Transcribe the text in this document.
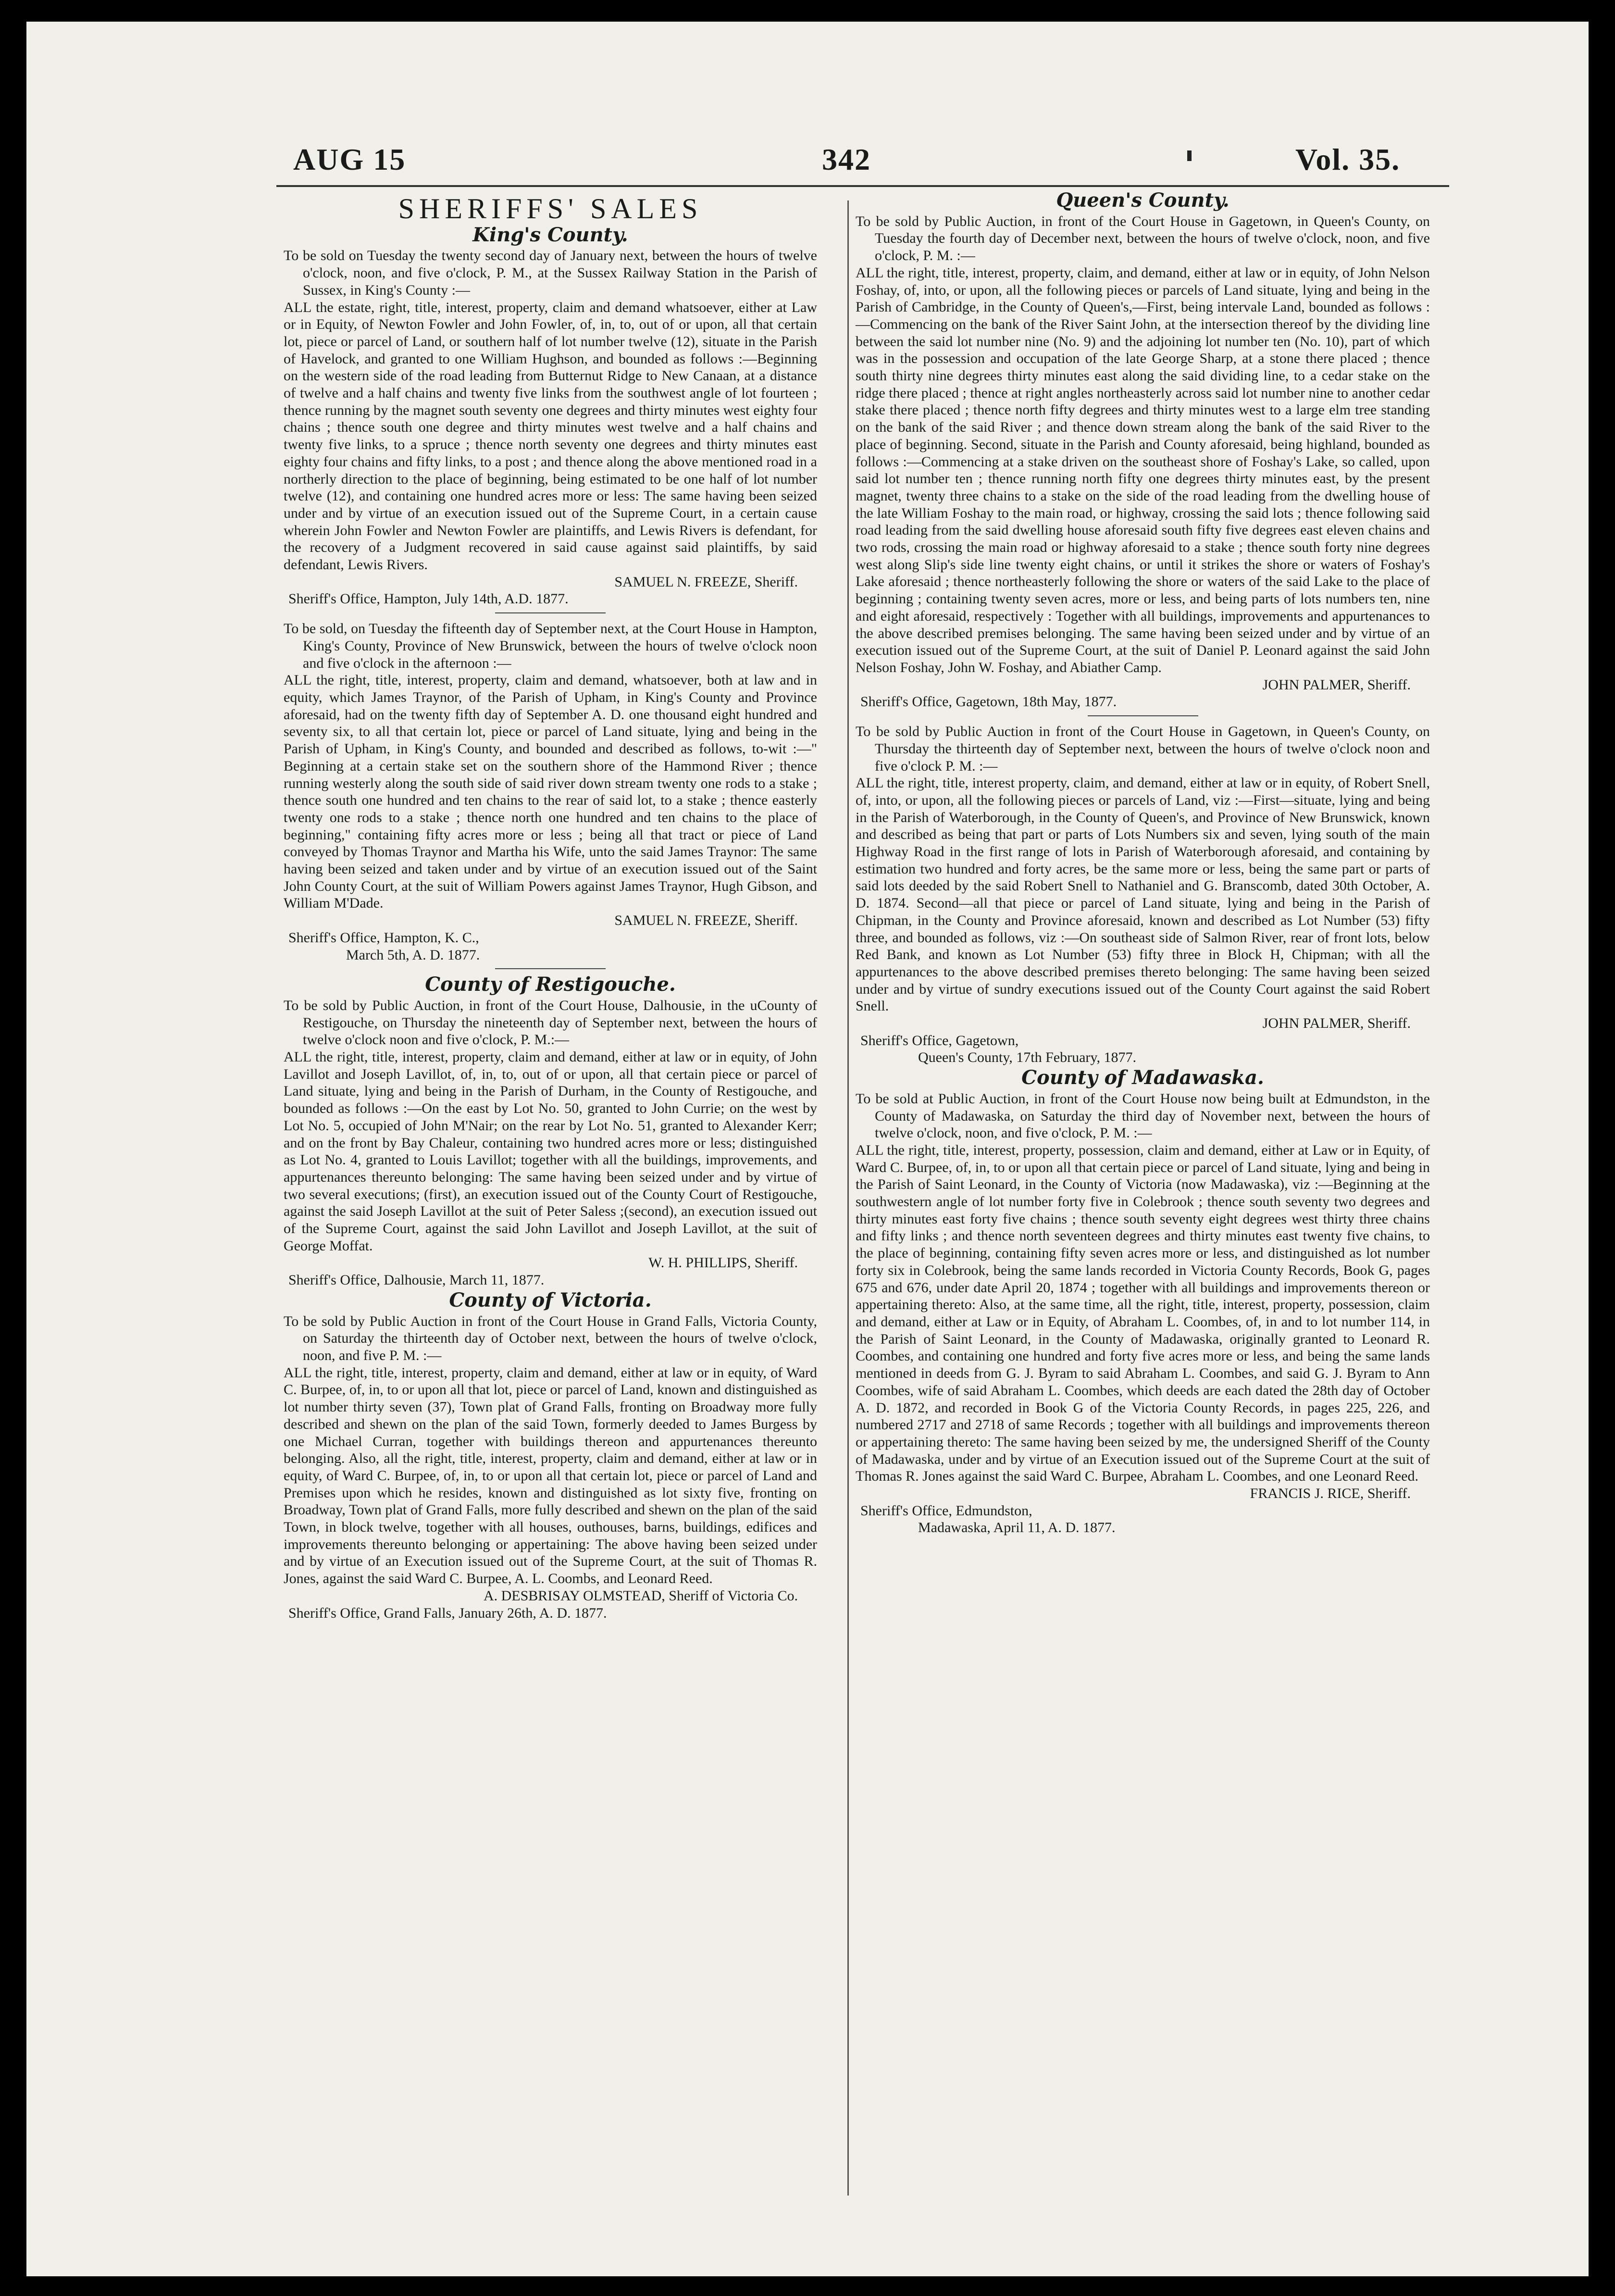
AUG 15	342	Vol. 35.
SHERIFFS' SALES
King's County.

To be sold on Tuesday the twenty second day of January next, between the hours of twelve o'clock, noon, and five o'clock, P. M., at the Sussex Railway Station in the Parish of Sussex, in King's County :—

ALL the estate, right, title, interest, property, claim and demand whatsoever, either at Law or in Equity, of Newton Fowler and John Fowler, of, in, to, out of or upon, all that certain lot, piece or parcel of Land, or southern half of lot number twelve (12), situate in the Parish of Havelock, and granted to one William Hughson, and bounded as follows :—Beginning on the western side of the road leading from Butternut Ridge to New Canaan, at a distance of twelve and a half chains and twenty five links from the southwest angle of lot fourteen ; thence running by the magnet south seventy one degrees and thirty minutes west eighty four chains ; thence south one degree and thirty minutes west twelve and a half chains and twenty five links, to a spruce ; thence north seventy one degrees and thirty minutes east eighty four chains and fifty links, to a post ; and thence along the above mentioned road in a northerly direction to the place of beginning, being estimated to be one half of lot number twelve (12), and containing one hundred acres more or less: The same having been seized under and by virtue of an execution issued out of the Supreme Court, in a certain cause wherein John Fowler and Newton Fowler are plaintiffs, and Lewis Rivers is defendant, for the recovery of a Judgment recovered in said cause against said plaintiffs, by said defendant, Lewis Rivers.

SAMUEL N. FREEZE, Sheriff.

Sheriff's Office, Hampton, July 14th, A.D. 1877.

To be sold, on Tuesday the fifteenth day of September next, at the Court House in Hampton, King's County, Province of New Brunswick, between the hours of twelve o'clock noon and five o'clock in the afternoon :—

ALL the right, title, interest, property, claim and demand, whatsoever, both at law and in equity, which James Traynor, of the Parish of Upham, in King's County and Province aforesaid, had on the twenty fifth day of September A. D. one thousand eight hundred and seventy six, to all that certain lot, piece or parcel of Land situate, lying and being in the Parish of Upham, in King's County, and bounded and described as follows, to-wit :—" Beginning at a certain stake set on the southern shore of the Hammond River ; thence running westerly along the south side of said river down stream twenty one rods to a stake ; thence south one hundred and ten chains to the rear of said lot, to a stake ; thence easterly twenty one rods to a stake ; thence north one hundred and ten chains to the place of beginning," containing fifty acres more or less ; being all that tract or piece of Land conveyed by Thomas Traynor and Martha his Wife, unto the said James Traynor: The same having been seized and taken under and by virtue of an execution issued out of the Saint John County Court, at the suit of William Powers against James Traynor, Hugh Gibson, and William M'Dade.

SAMUEL N. FREEZE, Sheriff.

Sheriff's Office, Hampton, K. C.,

March 5th, A. D. 1877.

County of Restigouche.

To be sold by Public Auction, in front of the Court House, Dalhousie, in the uCounty of Restigouche, on Thursday the nineteenth day of September next, between the hours of twelve o'clock noon and five o'clock, P. M.:—

ALL the right, title, interest, property, claim and demand, either at law or in equity, of John Lavillot and Joseph Lavillot, of, in, to, out of or upon, all that certain piece or parcel of Land situate, lying and being in the Parish of Durham, in the County of Restigouche, and bounded as follows :—On the east by Lot No. 50, granted to John Currie; on the west by Lot No. 5, occupied of John M'Nair; on the rear by Lot No. 51, granted to Alexander Kerr; and on the front by Bay Chaleur, containing two hundred acres more or less; distinguished as Lot No. 4, granted to Louis Lavillot; together with all the buildings, improvements, and appurtenances thereunto belonging: The same having been seized under and by virtue of two several executions; (first), an execution issued out of the County Court of Restigouche, against the said Joseph Lavillot at the suit of Peter Saless ;(second), an execution issued out of the Supreme Court, against the said John Lavillot and Joseph Lavillot, at the suit of George Moffat.

W. H. PHILLIPS, Sheriff.

Sheriff's Office, Dalhousie, March 11, 1877.

County of Victoria.

To be sold by Public Auction in front of the Court House in Grand Falls, Victoria County, on Saturday the thirteenth day of October next, between the hours of twelve o'clock, noon, and five P. M. :—

ALL the right, title, interest, property, claim and demand, either at law or in equity, of Ward C. Burpee, of, in, to or upon all that lot, piece or parcel of Land, known and distinguished as lot number thirty seven (37), Town plat of Grand Falls, fronting on Broadway more fully described and shewn on the plan of the said Town, formerly deeded to James Burgess by one Michael Curran, together with buildings thereon and appurtenances thereunto belonging. Also, all the right, title, interest, property, claim and demand, either at law or in equity, of Ward C. Burpee, of, in, to or upon all that certain lot, piece or parcel of Land and Premises upon which he resides, known and distinguished as lot sixty five, fronting on Broadway, Town plat of Grand Falls, more fully described and shewn on the plan of the said Town, in block twelve, together with all houses, outhouses, barns, buildings, edifices and improvements thereunto belonging or appertaining: The above having been seized under and by virtue of an Execution issued out of the Supreme Court, at the suit of Thomas R. Jones, against the said Ward C. Burpee, A. L. Coombs, and Leonard Reed.

A. DESBRISAY OLMSTEAD, Sheriff of Victoria Co.

Sheriff's Office, Grand Falls, January 26th, A. D. 1877.

Queen's County.

To be sold by Public Auction, in front of the Court House in Gagetown, in Queen's County, on Tuesday the fourth day of December next, between the hours of twelve o'clock, noon, and five o'clock, P. M. :—

ALL the right, title, interest, property, claim, and demand, either at law or in equity, of John Nelson Foshay, of, into, or upon, all the following pieces or parcels of Land situate, lying and being in the Parish of Cambridge, in the County of Queen's,—First, being intervale Land, bounded as follows :—Commencing on the bank of the River Saint John, at the intersection thereof by the dividing line between the said lot number nine (No. 9) and the adjoining lot number ten (No. 10), part of which was in the possession and occupation of the late George Sharp, at a stone there placed ; thence south thirty nine degrees thirty minutes east along the said dividing line, to a cedar stake on the ridge there placed ; thence at right angles northeasterly across said lot number nine to another cedar stake there placed ; thence north fifty degrees and thirty minutes west to a large elm tree standing on the bank of the said River ; and thence down stream along the bank of the said River to the place of beginning. Second, situate in the Parish and County aforesaid, being highland, bounded as follows :—Commencing at a stake driven on the southeast shore of Foshay's Lake, so called, upon said lot number ten ; thence running north fifty one degrees thirty minutes east, by the present magnet, twenty three chains to a stake on the side of the road leading from the dwelling house of the late William Foshay to the main road, or highway, crossing the said lots ; thence following said road leading from the said dwelling house aforesaid south fifty five degrees east eleven chains and two rods, crossing the main road or highway aforesaid to a stake ; thence south forty nine degrees west along Slip's side line twenty eight chains, or until it strikes the shore or waters of Foshay's Lake aforesaid ; thence northeasterly following the shore or waters of the said Lake to the place of beginning ; containing twenty seven acres, more or less, and being parts of lots numbers ten, nine and eight aforesaid, respectively : Together with all buildings, improvements and appurtenances to the above described premises belonging. The same having been seized under and by virtue of an execution issued out of the Supreme Court, at the suit of Daniel P. Leonard against the said John Nelson Foshay, John W. Foshay, and Abiather Camp.

JOHN PALMER, Sheriff.

Sheriff's Office, Gagetown, 18th May, 1877.

To be sold by Public Auction in front of the Court House in Gagetown, in Queen's County, on Thursday the thirteenth day of September next, between the hours of twelve o'clock noon and five o'clock P. M. :—

ALL the right, title, interest property, claim, and demand, either at law or in equity, of Robert Snell, of, into, or upon, all the following pieces or parcels of Land, viz :—First—situate, lying and being in the Parish of Waterborough, in the County of Queen's, and Province of New Brunswick, known and described as being that part or parts of Lots Numbers six and seven, lying south of the main Highway Road in the first range of lots in Parish of Waterborough aforesaid, and containing by estimation two hundred and forty acres, be the same more or less, being the same part or parts of said lots deeded by the said Robert Snell to Nathaniel and G. Branscomb, dated 30th October, A. D. 1874. Second—all that piece or parcel of Land situate, lying and being in the Parish of Chipman, in the County and Province aforesaid, known and described as Lot Number (53) fifty three, and bounded as follows, viz :—On southeast side of Salmon River, rear of front lots, below Red Bank, and known as Lot Number (53) fifty three in Block H, Chipman; with all the appurtenances to the above described premises thereto belonging: The same having been seized under and by virtue of sundry executions issued out of the County Court against the said Robert Snell.

JOHN PALMER, Sheriff.

Sheriff's Office, Gagetown,

Queen's County, 17th February, 1877.

County of Madawaska.

To be sold at Public Auction, in front of the Court House now being built at Edmundston, in the County of Madawaska, on Saturday the third day of November next, between the hours of twelve o'clock, noon, and five o'clock, P. M. :—

ALL the right, title, interest, property, possession, claim and demand, either at Law or in Equity, of Ward C. Burpee, of, in, to or upon all that certain piece or parcel of Land situate, lying and being in the Parish of Saint Leonard, in the County of Victoria (now Madawaska), viz :—Beginning at the southwestern angle of lot number forty five in Colebrook ; thence south seventy two degrees and thirty minutes east forty five chains ; thence south seventy eight degrees west thirty three chains and fifty links ; and thence north seventeen degrees and thirty minutes east twenty five chains, to the place of beginning, containing fifty seven acres more or less, and distinguished as lot number forty six in Colebrook, being the same lands recorded in Victoria County Records, Book G, pages 675 and 676, under date April 20, 1874 ; together with all buildings and improvements thereon or appertaining thereto: Also, at the same time, all the right, title, interest, property, possession, claim and demand, either at Law or in Equity, of Abraham L. Coombes, of, in and to lot number 114, in the Parish of Saint Leonard, in the County of Madawaska, originally granted to Leonard R. Coombes, and containing one hundred and forty five acres more or less, and being the same lands mentioned in deeds from G. J. Byram to said Abraham L. Coombes, and said G. J. Byram to Ann Coombes, wife of said Abraham L. Coombes, which deeds are each dated the 28th day of October A. D. 1872, and recorded in Book G of the Victoria County Records, in pages 225, 226, and numbered 2717 and 2718 of same Records ; together with all buildings and improvements thereon or appertaining thereto: The same having been seized by me, the undersigned Sheriff of the County of Madawaska, under and by virtue of an Execution issued out of the Supreme Court at the suit of Thomas R. Jones against the said Ward C. Burpee, Abraham L. Coombes, and one Leonard Reed.

FRANCIS J. RICE, Sheriff.

Sheriff's Office, Edmundston,

Madawaska, April 11, A. D. 1877.
